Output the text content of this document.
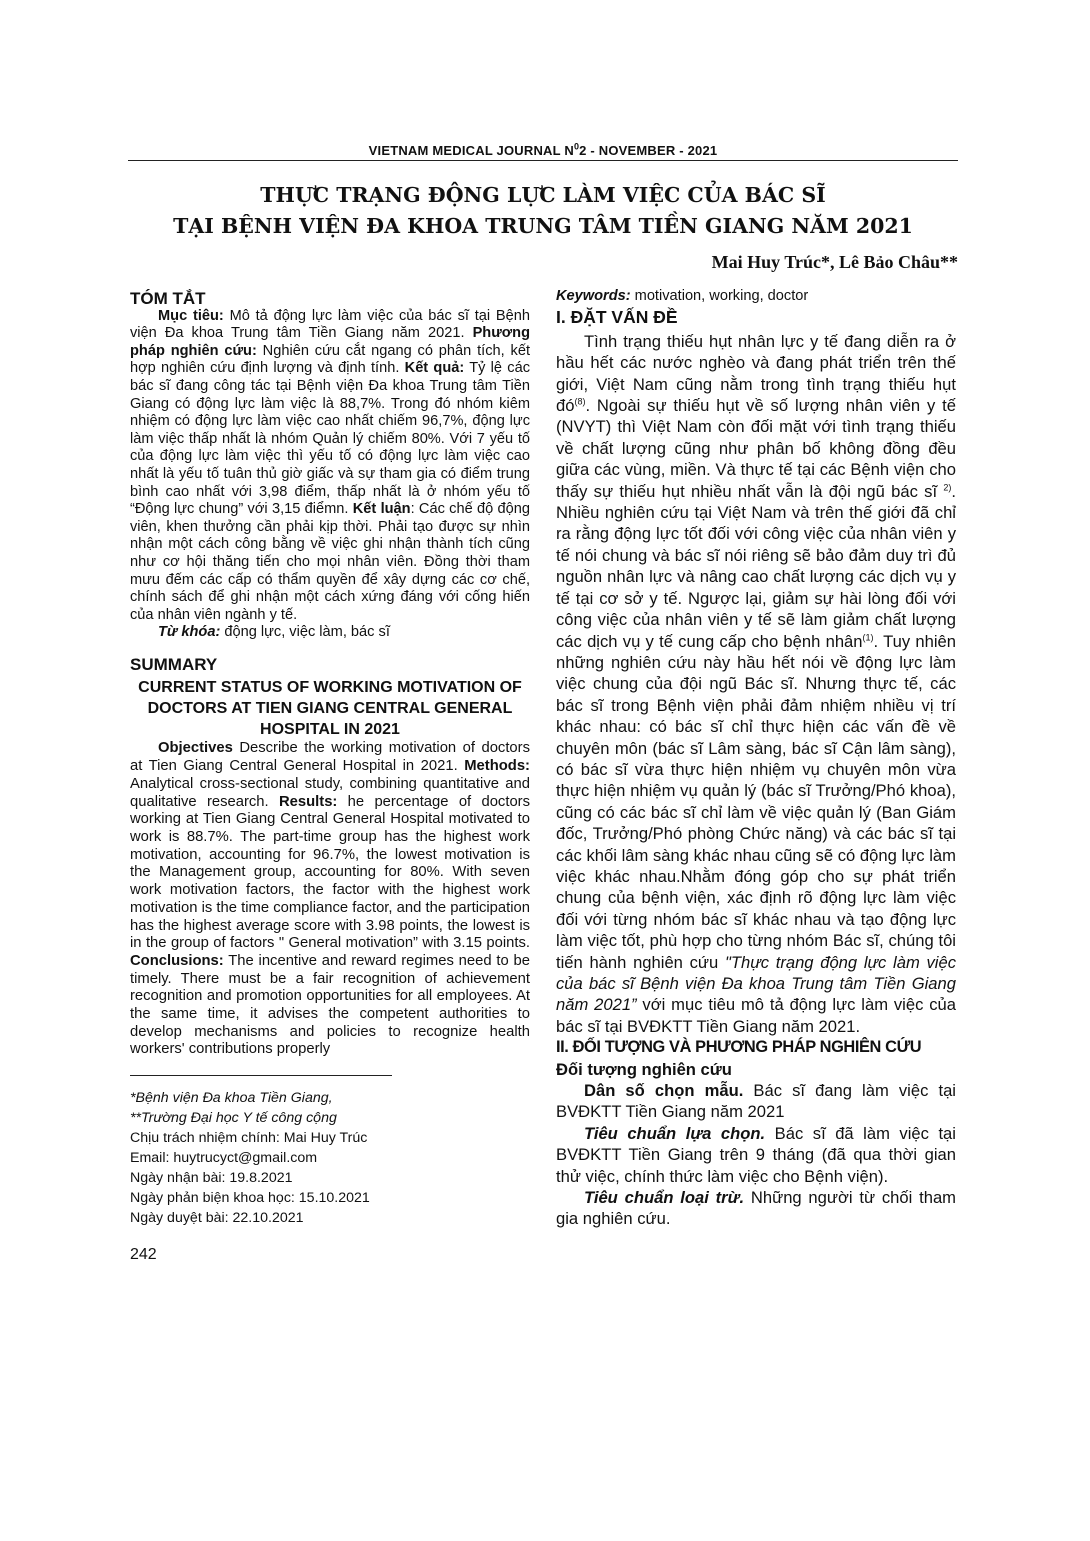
VIETNAM MEDICAL JOURNAL $N^02$ - NOVEMBER - 2021
THỰC TRẠNG ĐỘNG LỰC LÀM VIỆC CỦA BÁC SĨ
TẠI BỆNH VIỆN ĐA KHOA TRUNG TÂM TIỀN GIANG NĂM 2021
Mai Huy Trúc*, Lê Bảo Châu**

TÓM TẮT

Mục tiêu: Mô tả động lực làm việc của bác sĩ tại Bệnh viện Đa khoa Trung tâm Tiền Giang năm 2021. Phương pháp nghiên cứu: Nghiên cứu cắt ngang có phân tích, kết hợp nghiên cứu định lượng và định tính. Kết quả: Tỷ lệ các bác sĩ đang công tác tại Bệnh viện Đa khoa Trung tâm Tiền Giang có động lực làm việc là 88,7%. Trong đó nhóm kiêm nhiệm có động lực làm việc cao nhất chiếm 96,7%, động lực làm việc thấp nhất là nhóm Quản lý chiếm 80%. Với 7 yếu tố của động lực làm việc thì yếu tố có động lực làm việc cao nhất là yếu tố tuân thủ giờ giấc và sự tham gia có điểm trung bình cao nhất với 3,98 điểm, thấp nhất là ở nhóm yếu tố “Động lực chung” với 3,15 điểmn. Kết luận: Các chế độ động viên, khen thưởng cần phải kịp thời. Phải tạo được sự nhìn nhận một cách công bằng về việc ghi nhận thành tích cũng như cơ hội thăng tiến cho mọi nhân viên. Đồng thời tham mưu đếm các cấp có thẩm quyền để xây dựng các cơ chế, chính sách để ghi nhận một cách xứng đáng với cống hiến của nhân viên ngành y tế.

Từ khóa: động lực, việc làm, bác sĩ

SUMMARY

CURRENT STATUS OF WORKING MOTIVATION OF DOCTORS AT TIEN GIANG CENTRAL GENERAL HOSPITAL IN 2021

Objectives Describe the working motivation of doctors at Tien Giang Central General Hospital in 2021. Methods: Analytical cross-sectional study, combining quantitative and qualitative research. Results: he percentage of doctors working at Tien Giang Central General Hospital motivated to work is 88.7%. The part-time group has the highest work motivation, accounting for 96.7%, the lowest motivation is the Management group, accounting for 80%. With seven work motivation factors, the factor with the highest work motivation is the time compliance factor, and the participation has the highest average score with 3.98 points, the lowest is in the group of factors " General motivation” with 3.15 points. Conclusions: The incentive and reward regimes need to be timely. There must be a fair recognition of achievement recognition and promotion opportunities for all employees. At the same time, it advises the competent authorities to develop mechanisms and policies to recognize health workers' contributions properly

*Bệnh viện Đa khoa Tiền Giang,
**Trường Đại học Y tế công cộng
Chịu trách nhiệm chính: Mai Huy Trúc
Email: huytrucyct@gmail.com
Ngày nhận bài: 19.8.2021
Ngày phản biện khoa học: 15.10.2021
Ngày duyệt bài: 22.10.2021
242

Keywords: motivation, working, doctor

I. ĐẶT VẤN ĐỀ

Tình trạng thiếu hụt nhân lực y tế đang diễn ra ở hầu hết các nước nghèo và đang phát triển trên thế giới, Việt Nam cũng nằm trong tình trạng thiếu hụt $đó^{(8)}$. Ngoài sự thiếu hụt về số lượng nhân viên y tế (NVYT) thì Việt Nam còn đối mặt với tình trạng thiếu về chất lượng cũng như phân bố không đồng đều giữa các vùng, miền. Và thực tế tại các Bệnh viện cho thấy sự thiếu hụt nhiều nhất vẫn là đội ngũ bác sĩ $^{2)}$. Nhiều nghiên cứu tại Việt Nam và trên thế giới đã chỉ ra rằng động lực tốt đối với công việc của nhân viên y tế nói chung và bác sĩ nói riêng sẽ bảo đảm duy trì đủ nguồn nhân lực và nâng cao chất lượng các dịch vụ y tế tại cơ sở y tế. Ngược lại, giảm sự hài lòng đối với công việc của nhân viên y tế sẽ làm giảm chất lượng các dịch vụ y tế cung cấp cho bệnh nhân$^{(1)}$. Tuy nhiên những nghiên cứu này hầu hết nói về động lực làm việc chung của đội ngũ Bác sĩ. Nhưng thực tế, các bác sĩ trong Bệnh viện phải đảm nhiệm nhiều vị trí khác nhau: có bác sĩ chỉ thực hiện các vấn đề về chuyên môn (bác sĩ Lâm sàng, bác sĩ Cận lâm sàng), có bác sĩ vừa thực hiện nhiệm vụ chuyên môn vừa thực hiện nhiệm vụ quản lý (bác sĩ Trưởng/Phó khoa), cũng có các bác sĩ chỉ làm về việc quản lý (Ban Giám đốc, Trưởng/Phó phòng Chức năng) và các bác sĩ tại các khối lâm sàng khác nhau cũng sẽ có động lực làm việc khác nhau.Nhằm đóng góp cho sự phát triển chung của bệnh viện, xác định rõ động lực làm việc đối với từng nhóm bác sĩ khác nhau và tạo động lực làm việc tốt, phù hợp cho từng nhóm Bác sĩ, chúng tôi tiến hành nghiên cứu "Thực trạng động lực làm việc của bác sĩ Bệnh viện Đa khoa Trung tâm Tiền Giang năm 2021” với mục tiêu mô tả động lực làm việc của bác sĩ tại BVĐKTT Tiền Giang năm 2021.

II. ĐỐI TƯỢNG VÀ PHƯƠNG PHÁP NGHIÊN CỨU

Đối tượng nghiên cứu

Dân số chọn mẫu. Bác sĩ đang làm việc tại BVĐKTT Tiền Giang năm 2021

Tiêu chuẩn lựa chọn. Bác sĩ đã làm việc tại BVĐKTT Tiền Giang trên 9 tháng (đã qua thời gian thử việc, chính thức làm việc cho Bệnh viện).

Tiêu chuẩn loại trừ. Những người từ chối tham gia nghiên cứu.
